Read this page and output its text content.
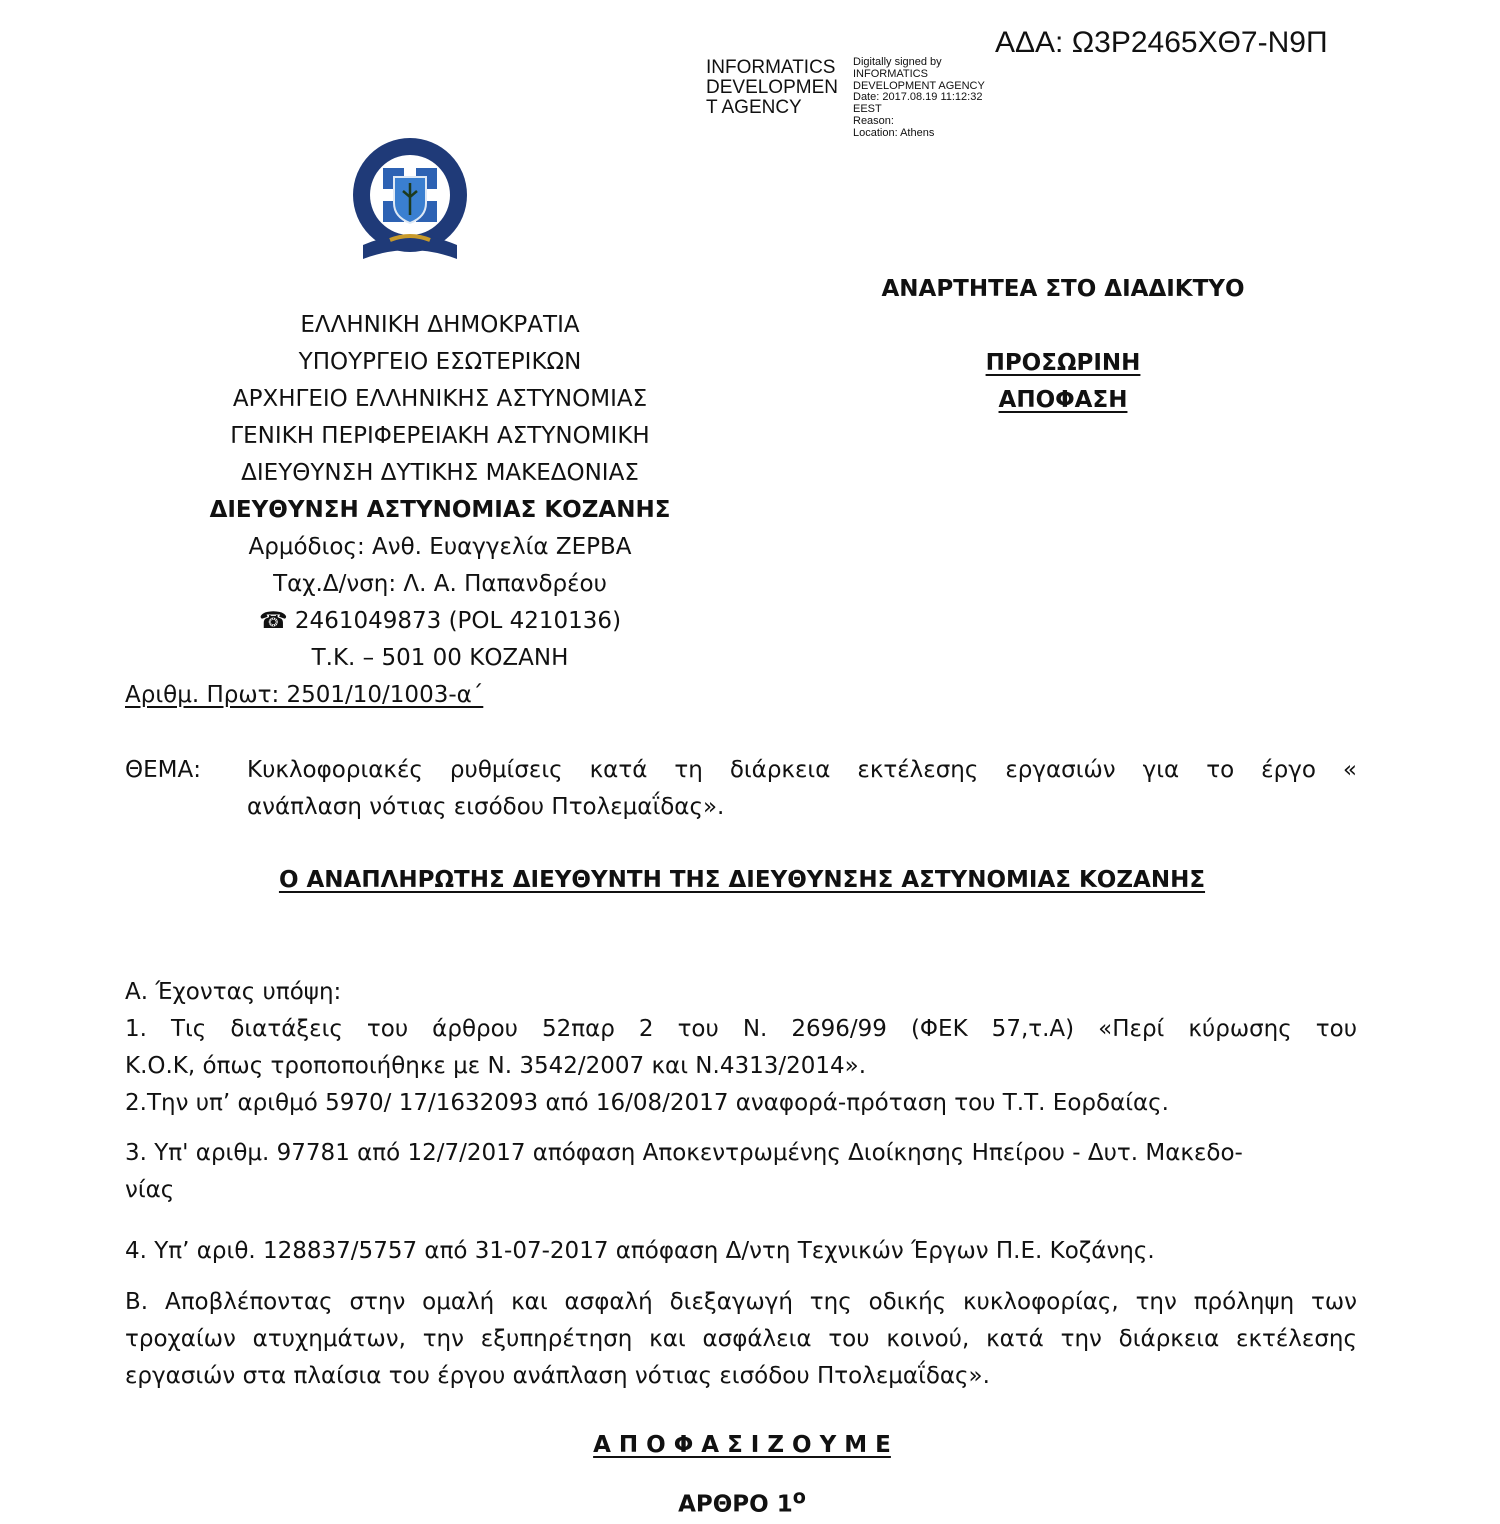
ΑΔΑ: Ω3Ρ2465ΧΘ7-Ν9Π
INFORMATICS
DEVELOPMEN
T AGENCY
Digitally signed by
INFORMATICS
DEVELOPMENT AGENCY
Date: 2017.08.19 11:12:32
EEST
Reason:
Location: Athens
ΕΛΛΗΝΙΚΗ ΔΗΜΟΚΡΑΤΙΑ
ΥΠΟΥΡΓΕΙΟ ΕΣΩΤΕΡΙΚΩΝ
ΑΡΧΗΓΕΙΟ ΕΛΛΗΝΙΚΗΣ ΑΣΤΥΝΟΜΙΑΣ
ΓΕΝΙΚΗ ΠΕΡΙΦΕΡΕΙΑΚΗ ΑΣΤΥΝΟΜΙΚΗ
ΔΙΕΥΘΥΝΣΗ ΔΥΤΙΚΗΣ ΜΑΚΕΔΟΝΙΑΣ
ΔΙΕΥΘΥΝΣΗ ΑΣΤΥΝΟΜΙΑΣ ΚΟΖΑΝΗΣ
Αρμόδιος: Ανθ. Ευαγγελία ΖΕΡΒΑ
Ταχ.Δ/νση: Λ. Α. Παπανδρέου
☎ 2461049873 (POL 4210136)
Τ.Κ. – 501 00 ΚΟΖΑΝΗ
Αριθμ. Πρωτ: 2501/10/1003-α΄
ΑΝΑΡΤΗΤΕΑ ΣΤΟ ΔΙΑΔΙΚΤΥΟ
ΠΡΟΣΩΡΙΝΗ
ΑΠΟΦΑΣΗ
ΘΕΜΑ: Κυκλοφοριακές ρυθμίσεις κατά τη διάρκεια εκτέλεσης εργασιών για το έργο «
ανάπλαση νότιας εισόδου Πτολεμαΐδας».
Ο ΑΝΑΠΛΗΡΩΤΗΣ ΔΙΕΥΘΥΝΤΗ ΤΗΣ ΔΙΕΥΘΥΝΣΗΣ ΑΣΤΥΝΟΜΙΑΣ ΚΟΖΑΝΗΣ
Α. Έχοντας υπόψη:
1. Τις διατάξεις του άρθρου 52παρ 2 του Ν. 2696/99 (ΦΕΚ 57,τ.Α) «Περί κύρωσης του
Κ.Ο.Κ, όπως τροποποιήθηκε με Ν. 3542/2007 και Ν.4313/2014».
2.Την υπ’ αριθμό 5970/ 17/1632093 από 16/08/2017 αναφορά-πρόταση του Τ.Τ. Εορδαίας.
3. Υπ' αριθμ. 97781 από 12/7/2017 απόφαση Αποκεντρωμένης Διοίκησης Ηπείρου - Δυτ. Μακεδο-
νίας
4. Υπ’ αριθ. 128837/5757 από 31-07-2017 απόφαση Δ/ντη Τεχνικών Έργων Π.Ε. Κοζάνης.
Β. Αποβλέποντας στην ομαλή και ασφαλή διεξαγωγή της οδικής κυκλοφορίας, την πρόληψη των
τροχαίων ατυχημάτων, την εξυπηρέτηση και ασφάλεια του κοινού, κατά την διάρκεια εκτέλεσης
εργασιών στα πλαίσια του έργου ανάπλαση νότιας εισόδου Πτολεμαΐδας».
Α Π Ο Φ Α Σ Ι Ζ Ο Υ Μ Ε
ΑΡΘΡΟ $1^o$
